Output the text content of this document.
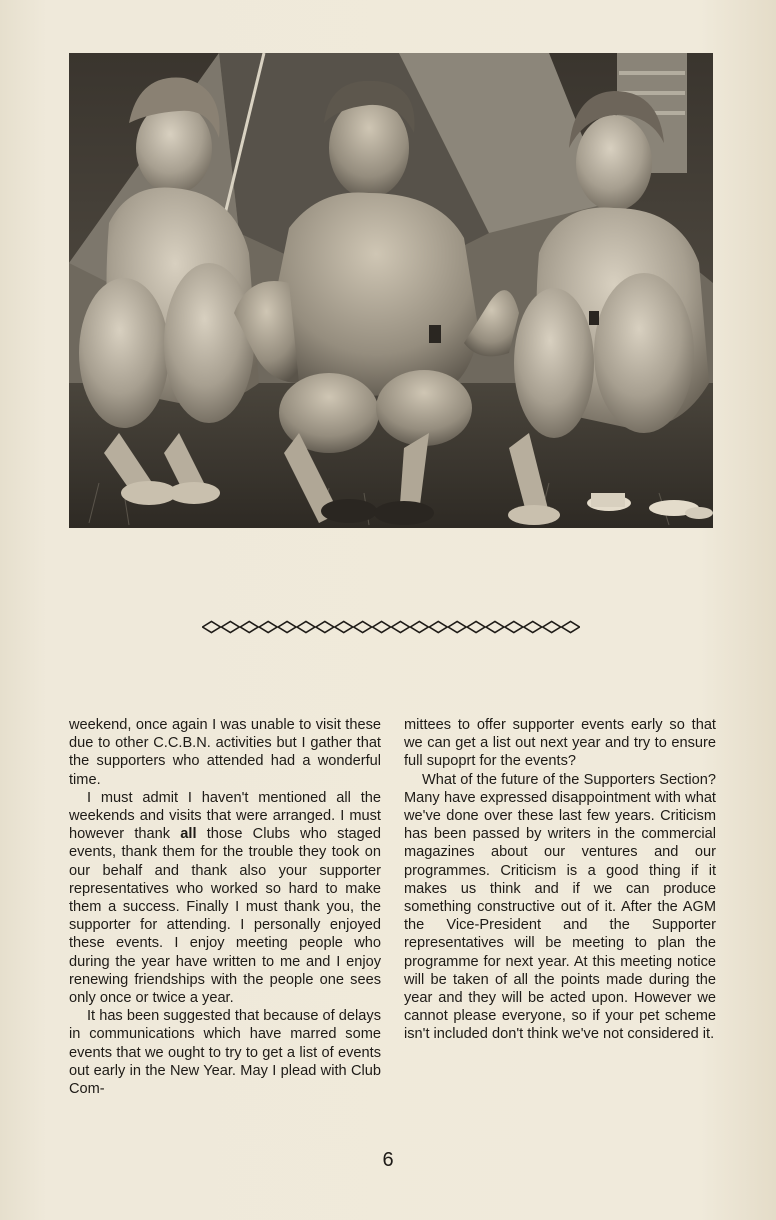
weekend, once again I was unable to visit these due to other C.C.B.N. activities but I gather that the supporters who attended had a wonderful time.

I must admit I haven't mentioned all the weekends and visits that were arranged. I must however thank all those Clubs who staged events, thank them for the trouble they took on our behalf and thank also your supporter representatives who worked so hard to make them a success. Finally I must thank you, the supporter for attending. I personally enjoyed these events. I enjoy meeting people who during the year have written to me and I enjoy renewing friendships with the people one sees only once or twice a year.

It has been suggested that because of delays in communications which have marred some events that we ought to try to get a list of events out early in the New Year. May I plead with Club Com-

mittees to offer supporter events early so that we can get a list out next year and try to ensure full supoprt for the events?

What of the future of the Supporters Section? Many have expressed disappointment with what we've done over these last few years. Criticism has been passed by writers in the commercial magazines about our ventures and our programmes. Criticism is a good thing if it makes us think and if we can produce something constructive out of it. After the AGM the Vice-President and the Supporter representatives will be meeting to plan the programme for next year. At this meeting notice will be taken of all the points made during the year and they will be acted upon. However we cannot please everyone, so if your pet scheme isn't included don't think we've not considered it.

6
